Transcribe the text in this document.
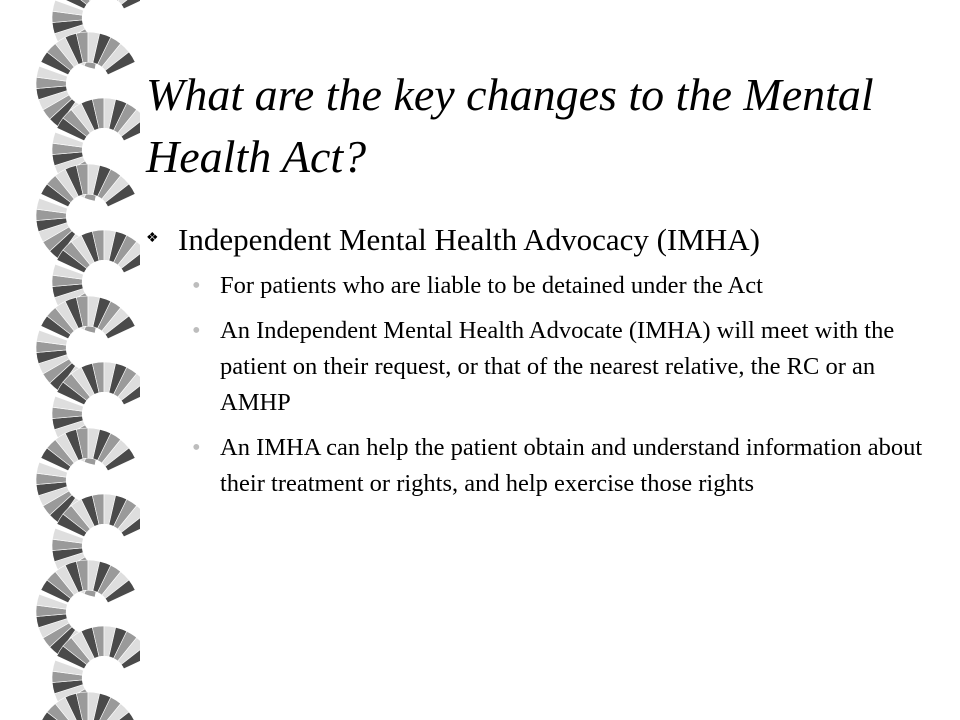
What are the key changes to the Mental Health Act?
❖ Independent Mental Health Advocacy (IMHA)
• For patients who are liable to be detained under the Act
• An Independent Mental Health Advocate (IMHA) will meet with the patient on their request, or that of the nearest relative, the RC or an AMHP
• An IMHA can help the patient obtain and understand information about their treatment or rights, and help exercise those rights
